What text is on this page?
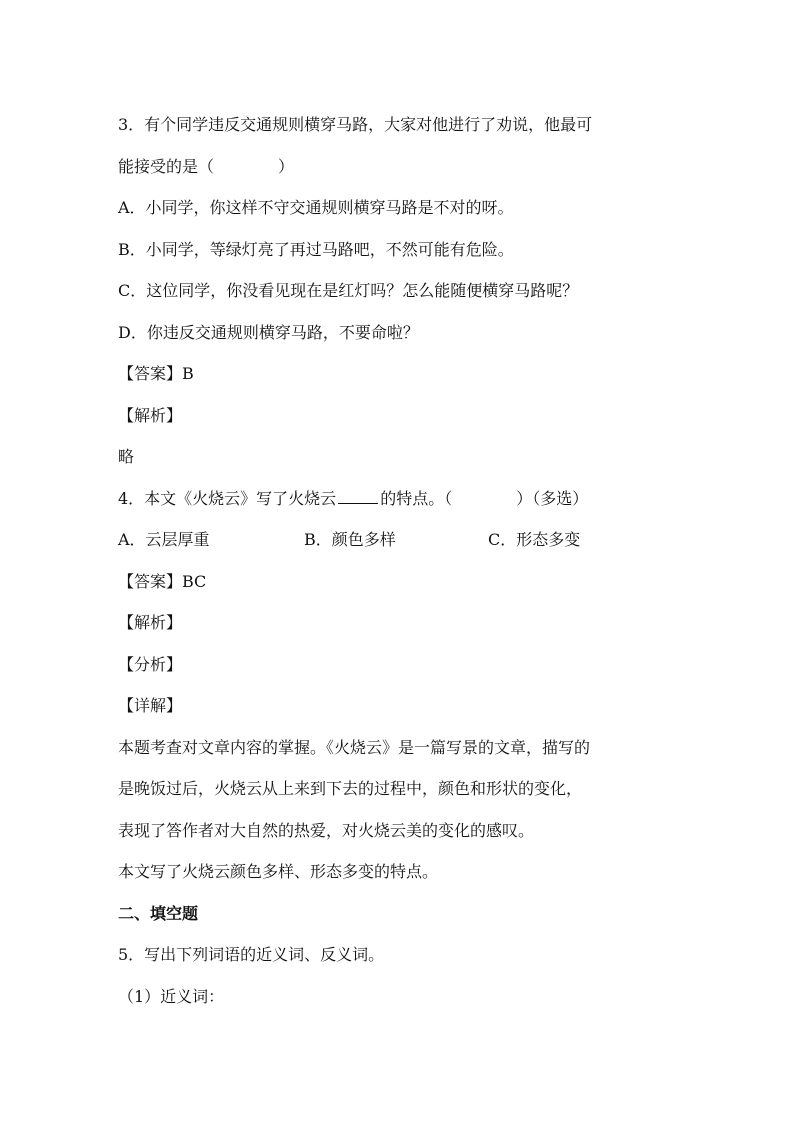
3．有个同学违反交通规则横穿马路，大家对他进行了劝说，他最可
能接受的是（	）
A．小同学，你这样不守交通规则横穿马路是不对的呀。
B．小同学，等绿灯亮了再过马路吧，不然可能有危险。
C．这位同学，你没看见现在是红灯吗？怎么能随便横穿马路呢？
D．你违反交通规则横穿马路，不要命啦？
【答案】B
【解析】
略
4．本文《火烧云》写了火烧云	的特点。（	）（多选）
A．云层厚重	B．颜色多样	C．形态多变
【答案】BC
【解析】
【分析】
【详解】
本题考查对文章内容的掌握。《火烧云》是一篇写景的文章，描写的
是晚饭过后，火烧云从上来到下去的过程中，颜色和形状的变化，
表现了答作者对大自然的热爱，对火烧云美的变化的感叹。
本文写了火烧云颜色多样、形态多变的特点。
二、填空题
5．写出下列词语的近义词、反义词。
（1）近义词：
